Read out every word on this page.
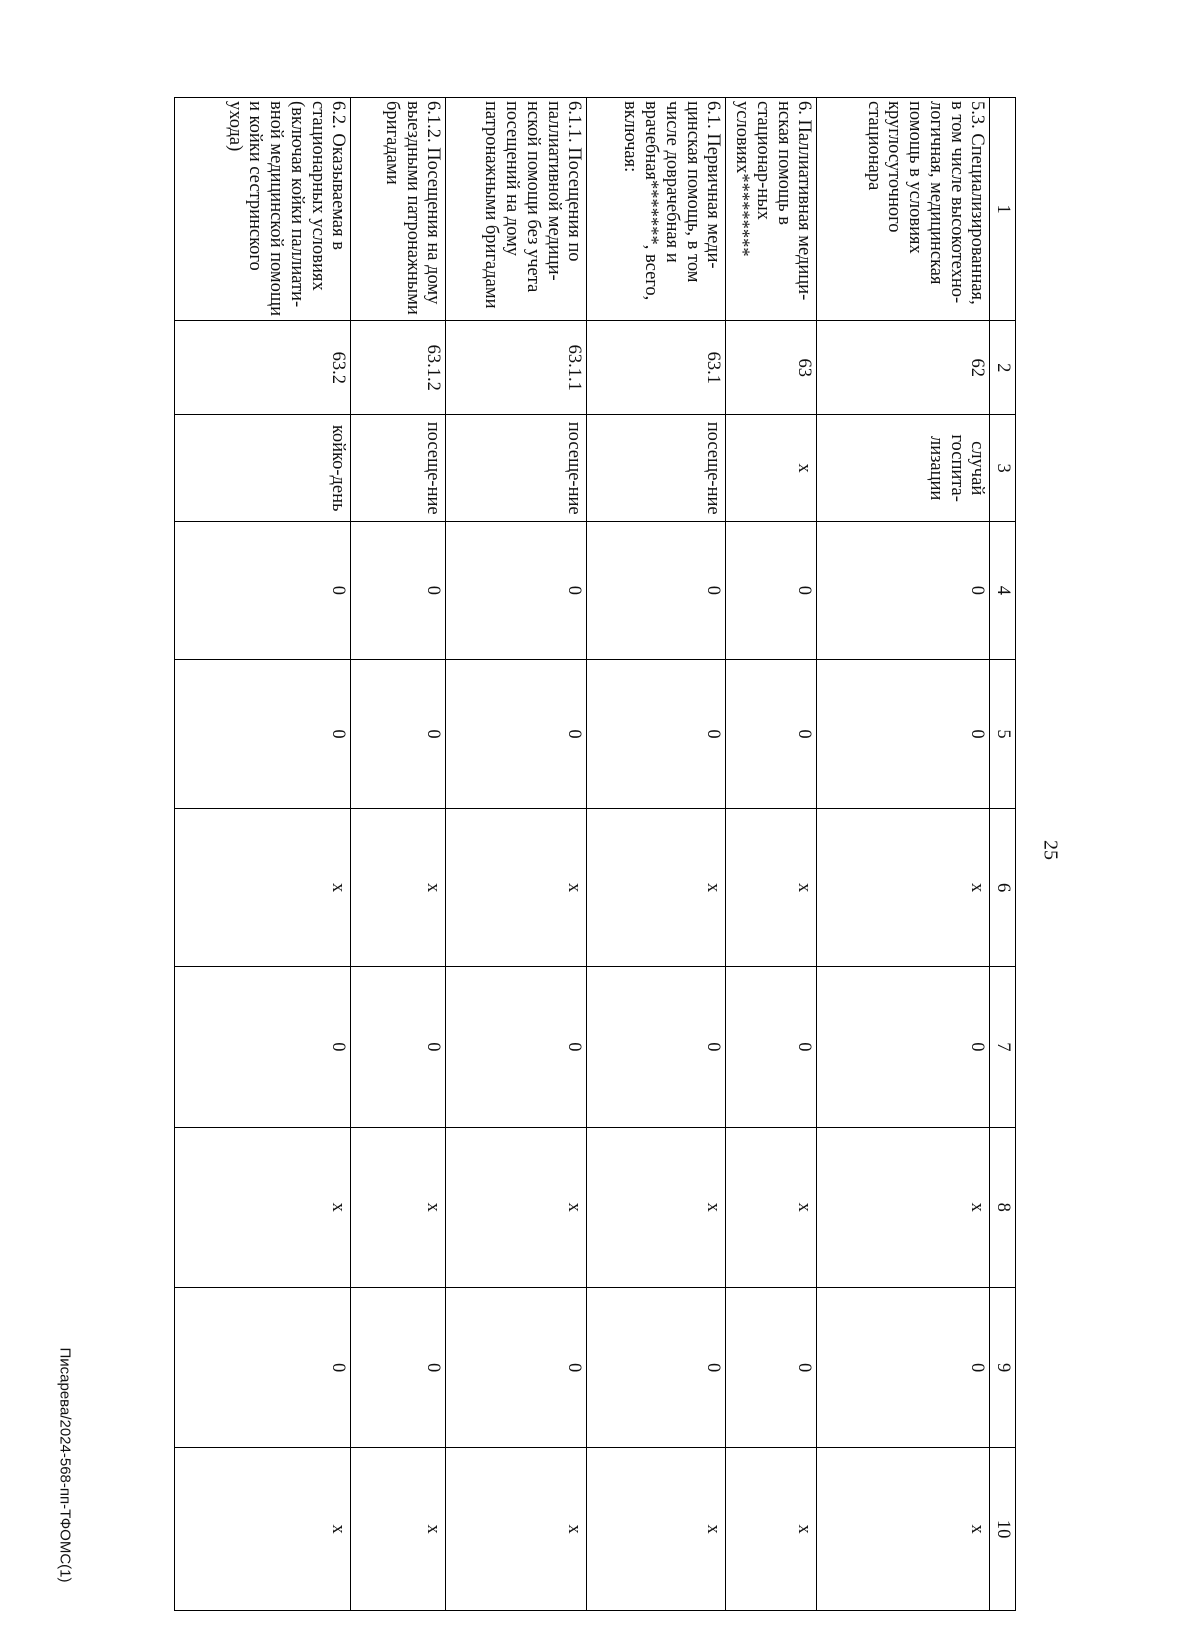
25
1	2	3	4	5	6	7	8	9	10
5.3. Специализированная, в том числе высокотехно-логичная, медицинская помощь в условиях круглосуточного стационара	62	случай госпита-лизации	0	0	х	0	х	0	х
6. Паллиативная медици-нская помощь в стационар-ных условиях*********	63	х	0	0	х	0	х	0	х
6.1. Первичная меди-цинская помощь, в том числе доврачебная и врачебная*******, всего, включая:	63.1	посеще-ние	0	0	х	0	х	0	х
6.1.1. Посещения по паллиативной медици-нской помощи без учета посещений на дому патронажными бригадами	63.1.1	посеще-ние	0	0	х	0	х	0	х
6.1.2. Посещения на дому выездными патронажными бригадами	63.1.2	посеще-ние	0	0	х	0	х	0	х
6.2. Оказываемая в стационарных условиях (включая койки паллиати-вной медицинской помощи и койки сестринского ухода)	63.2	койко-день	0	0	х	0	х	0	х
Писарева/2024-568-пп-ТФОМС(1)
